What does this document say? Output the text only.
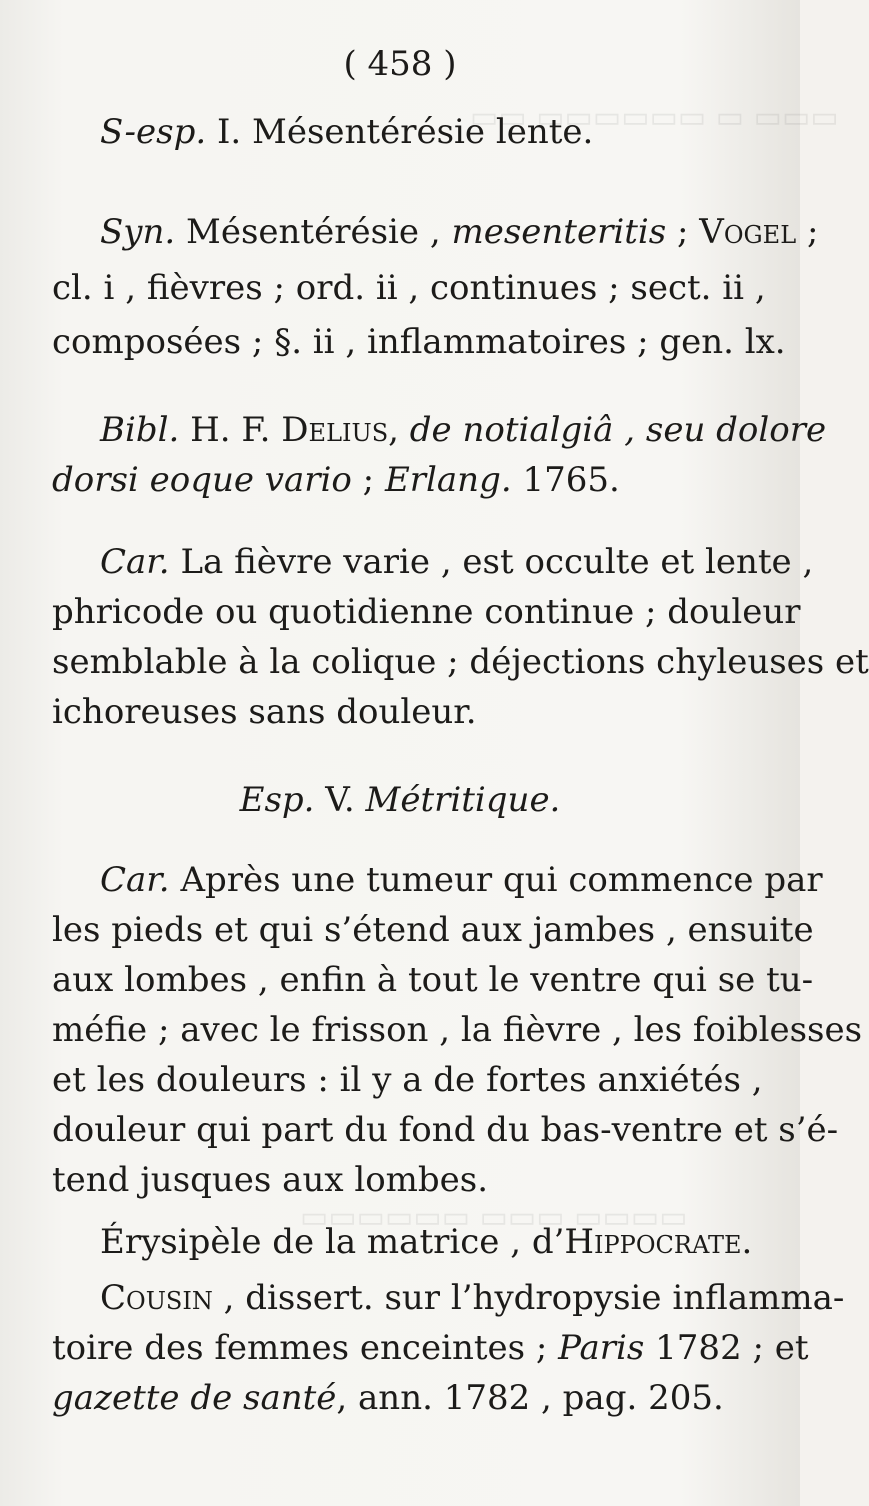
▭▭▭ ▭ ▭▭▭▭▭▭ ▭▭
▭▭▭▭ ▭▭▭ ▭▭▭▭▭▭
( 458 )
S-esp. I. Mésentérésie lente.
Syn. Mésentérésie , mesenteritis ; Vogel ;
cl. i , fièvres ; ord. ii , continues ; sect. ii ,
composées ; §. ii , inflammatoires ; gen. lx.
Bibl. H. F. Delius, de notialgiâ , seu dolore
dorsi eoque vario ; Erlang. 1765.
Car. La fièvre varie , est occulte et lente ,
phricode ou quotidienne continue ; douleur
semblable à la colique ; déjections chyleuses et
ichoreuses sans douleur.
Esp. V. Métritique.
Car. Après une tumeur qui commence par
les pieds et qui s’étend aux jambes , ensuite
aux lombes , enfin à tout le ventre qui se tu-
méfie ; avec le frisson , la fièvre , les foiblesses
et les douleurs : il y a de fortes anxiétés ,
douleur qui part du fond du bas-ventre et s’é-
tend jusques aux lombes.
Érysipèle de la matrice , d’Hippocrate.
Cousin , dissert. sur l’hydropysie inflamma-
toire des femmes enceintes ; Paris 1782 ; et
gazette de santé, ann. 1782 , pag. 205.
